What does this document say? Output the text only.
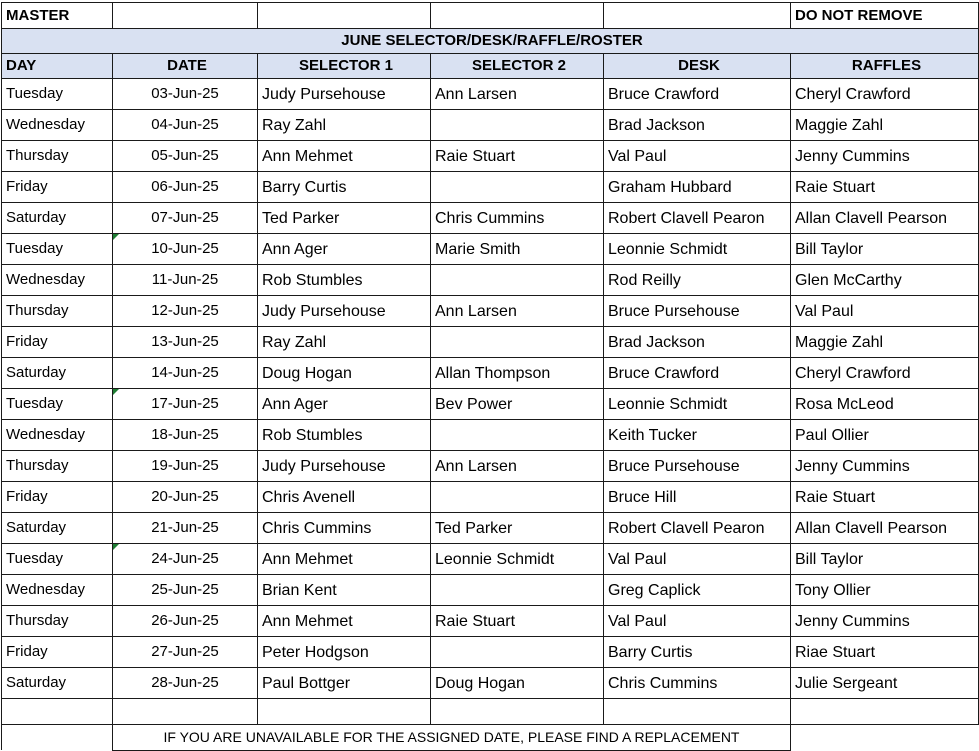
MASTER					DO NOT REMOVE
JUNE SELECTOR/DESK/RAFFLE/ROSTER					
DAY	DATE	SELECTOR 1	SELECTOR 2	DESK	RAFFLES
Tuesday	03-Jun-25	Judy Pursehouse	Ann Larsen	Bruce Crawford	Cheryl Crawford
Wednesday	04-Jun-25	Ray Zahl		Brad Jackson	Maggie Zahl
Thursday	05-Jun-25	Ann Mehmet	Raie Stuart	Val Paul	Jenny Cummins
Friday	06-Jun-25	Barry Curtis		Graham Hubbard	Raie Stuart
Saturday	07-Jun-25	Ted Parker	Chris Cummins	Robert Clavell Pearon	Allan Clavell Pearson
Tuesday	10-Jun-25	Ann Ager	Marie Smith	Leonnie Schmidt	Bill Taylor
Wednesday	11-Jun-25	Rob Stumbles		Rod Reilly	Glen McCarthy
Thursday	12-Jun-25	Judy Pursehouse	Ann Larsen	Bruce Pursehouse	Val Paul
Friday	13-Jun-25	Ray Zahl		Brad Jackson	Maggie Zahl
Saturday	14-Jun-25	Doug Hogan	Allan Thompson	Bruce Crawford	Cheryl Crawford
Tuesday	17-Jun-25	Ann Ager	Bev Power	Leonnie Schmidt	Rosa McLeod
Wednesday	18-Jun-25	Rob Stumbles		Keith Tucker	Paul Ollier
Thursday	19-Jun-25	Judy Pursehouse	Ann Larsen	Bruce Pursehouse	Jenny Cummins
Friday	20-Jun-25	Chris Avenell		Bruce Hill	Raie Stuart
Saturday	21-Jun-25	Chris Cummins	Ted Parker	Robert Clavell Pearon	Allan Clavell Pearson
Tuesday	24-Jun-25	Ann Mehmet	Leonnie Schmidt	Val Paul	Bill Taylor
Wednesday	25-Jun-25	Brian Kent		Greg Caplick	Tony Ollier
Thursday	26-Jun-25	Ann Mehmet	Raie Stuart	Val Paul	Jenny Cummins
Friday	27-Jun-25	Peter Hodgson		Barry Curtis	Riae Stuart
Saturday	28-Jun-25	Paul Bottger	Doug Hogan	Chris Cummins	Julie Sergeant

	IF YOU ARE UNAVAILABLE FOR THE ASSIGNED DATE, PLEASE FIND A REPLACEMENT				
